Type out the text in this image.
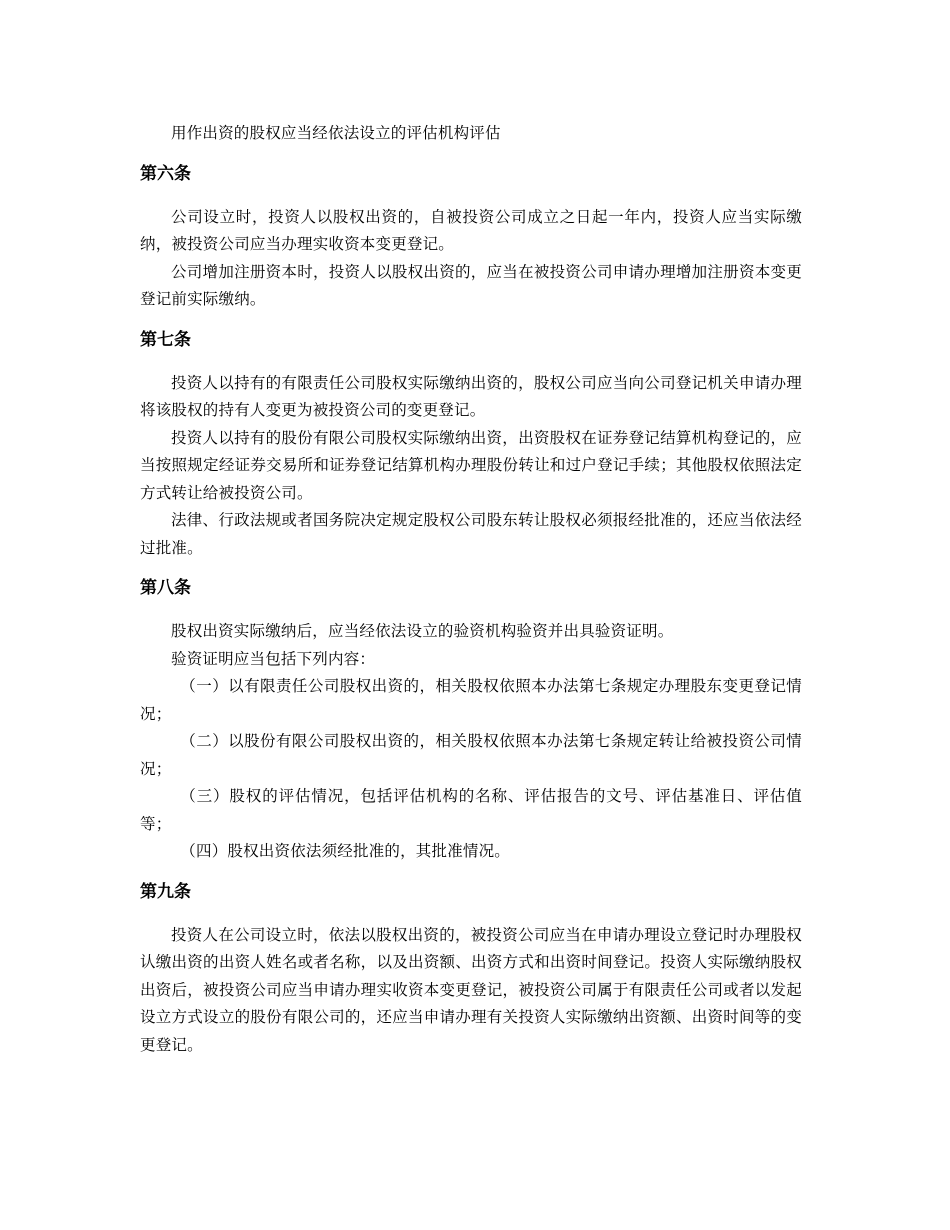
用作出资的股权应当经依法设立的评估机构评估

第六条

公司设立时，投资人以股权出资的，自被投资公司成立之日起一年内，投资人应当实际缴纳，被投资公司应当办理实收资本变更登记。

公司增加注册资本时，投资人以股权出资的，应当在被投资公司申请办理增加注册资本变更登记前实际缴纳。

第七条

投资人以持有的有限责任公司股权实际缴纳出资的，股权公司应当向公司登记机关申请办理将该股权的持有人变更为被投资公司的变更登记。

投资人以持有的股份有限公司股权实际缴纳出资，出资股权在证券登记结算机构登记的，应当按照规定经证券交易所和证券登记结算机构办理股份转让和过户登记手续；其他股权依照法定方式转让给被投资公司。

法律、行政法规或者国务院决定规定股权公司股东转让股权必须报经批准的，还应当依法经过批准。

第八条

股权出资实际缴纳后，应当经依法设立的验资机构验资并出具验资证明。

验资证明应当包括下列内容：

（一）以有限责任公司股权出资的，相关股权依照本办法第七条规定办理股东变更登记情况；

（二）以股份有限公司股权出资的，相关股权依照本办法第七条规定转让给被投资公司情况；

（三）股权的评估情况，包括评估机构的名称、评估报告的文号、评估基准日、评估值等；

（四）股权出资依法须经批准的，其批准情况。

第九条

投资人在公司设立时，依法以股权出资的，被投资公司应当在申请办理设立登记时办理股权认缴出资的出资人姓名或者名称，以及出资额、出资方式和出资时间登记。投资人实际缴纳股权出资后，被投资公司应当申请办理实收资本变更登记，被投资公司属于有限责任公司或者以发起设立方式设立的股份有限公司的，还应当申请办理有关投资人实际缴纳出资额、出资时间等的变更登记。
